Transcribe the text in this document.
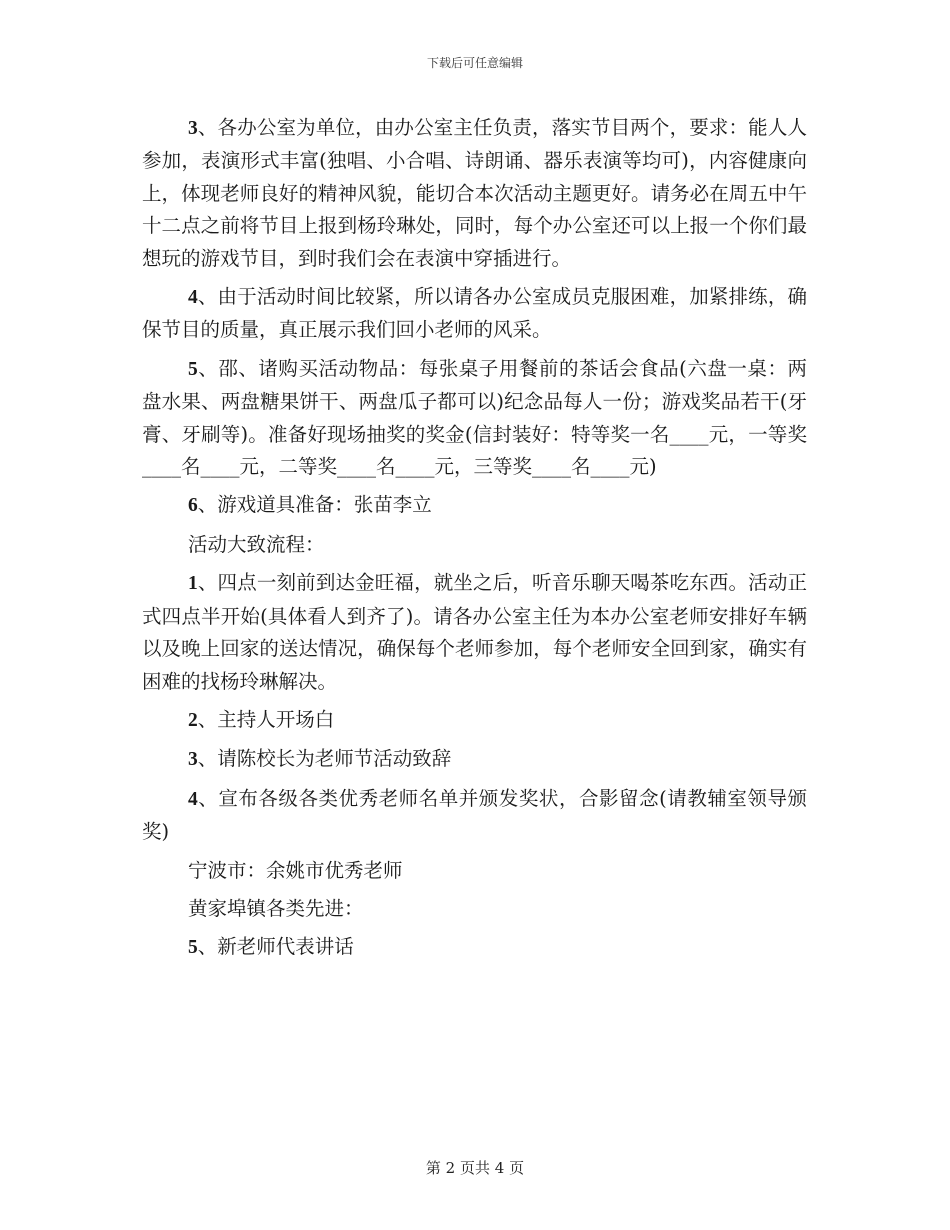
下载后可任意编辑

3、各办公室为单位，由办公室主任负责，落实节目两个，要求：能人人参加，表演形式丰富(独唱、小合唱、诗朗诵、器乐表演等均可)，内容健康向上，体现老师良好的精神风貌，能切合本次活动主题更好。请务必在周五中午十二点之前将节目上报到杨玲琳处，同时，每个办公室还可以上报一个你们最想玩的游戏节目，到时我们会在表演中穿插进行。

4、由于活动时间比较紧，所以请各办公室成员克服困难，加紧排练，确保节目的质量，真正展示我们回小老师的风采。

5、邵、诸购买活动物品：每张桌子用餐前的茶话会食品(六盘一桌：两盘水果、两盘糖果饼干、两盘瓜子都可以)纪念品每人一份；游戏奖品若干(牙膏、牙刷等)。准备好现场抽奖的奖金(信封装好：特等奖一名____元，一等奖____名____元，二等奖____名____元，三等奖____名____元)

6、游戏道具准备：张苗李立

活动大致流程：

1、四点一刻前到达金旺福，就坐之后，听音乐聊天喝茶吃东西。活动正式四点半开始(具体看人到齐了)。请各办公室主任为本办公室老师安排好车辆以及晚上回家的送达情况，确保每个老师参加，每个老师安全回到家，确实有困难的找杨玲琳解决。

2、主持人开场白

3、请陈校长为老师节活动致辞

4、宣布各级各类优秀老师名单并颁发奖状，合影留念(请教辅室领导颁奖)

宁波市：余姚市优秀老师

黄家埠镇各类先进：

5、新老师代表讲话

第 2 页共 4 页
